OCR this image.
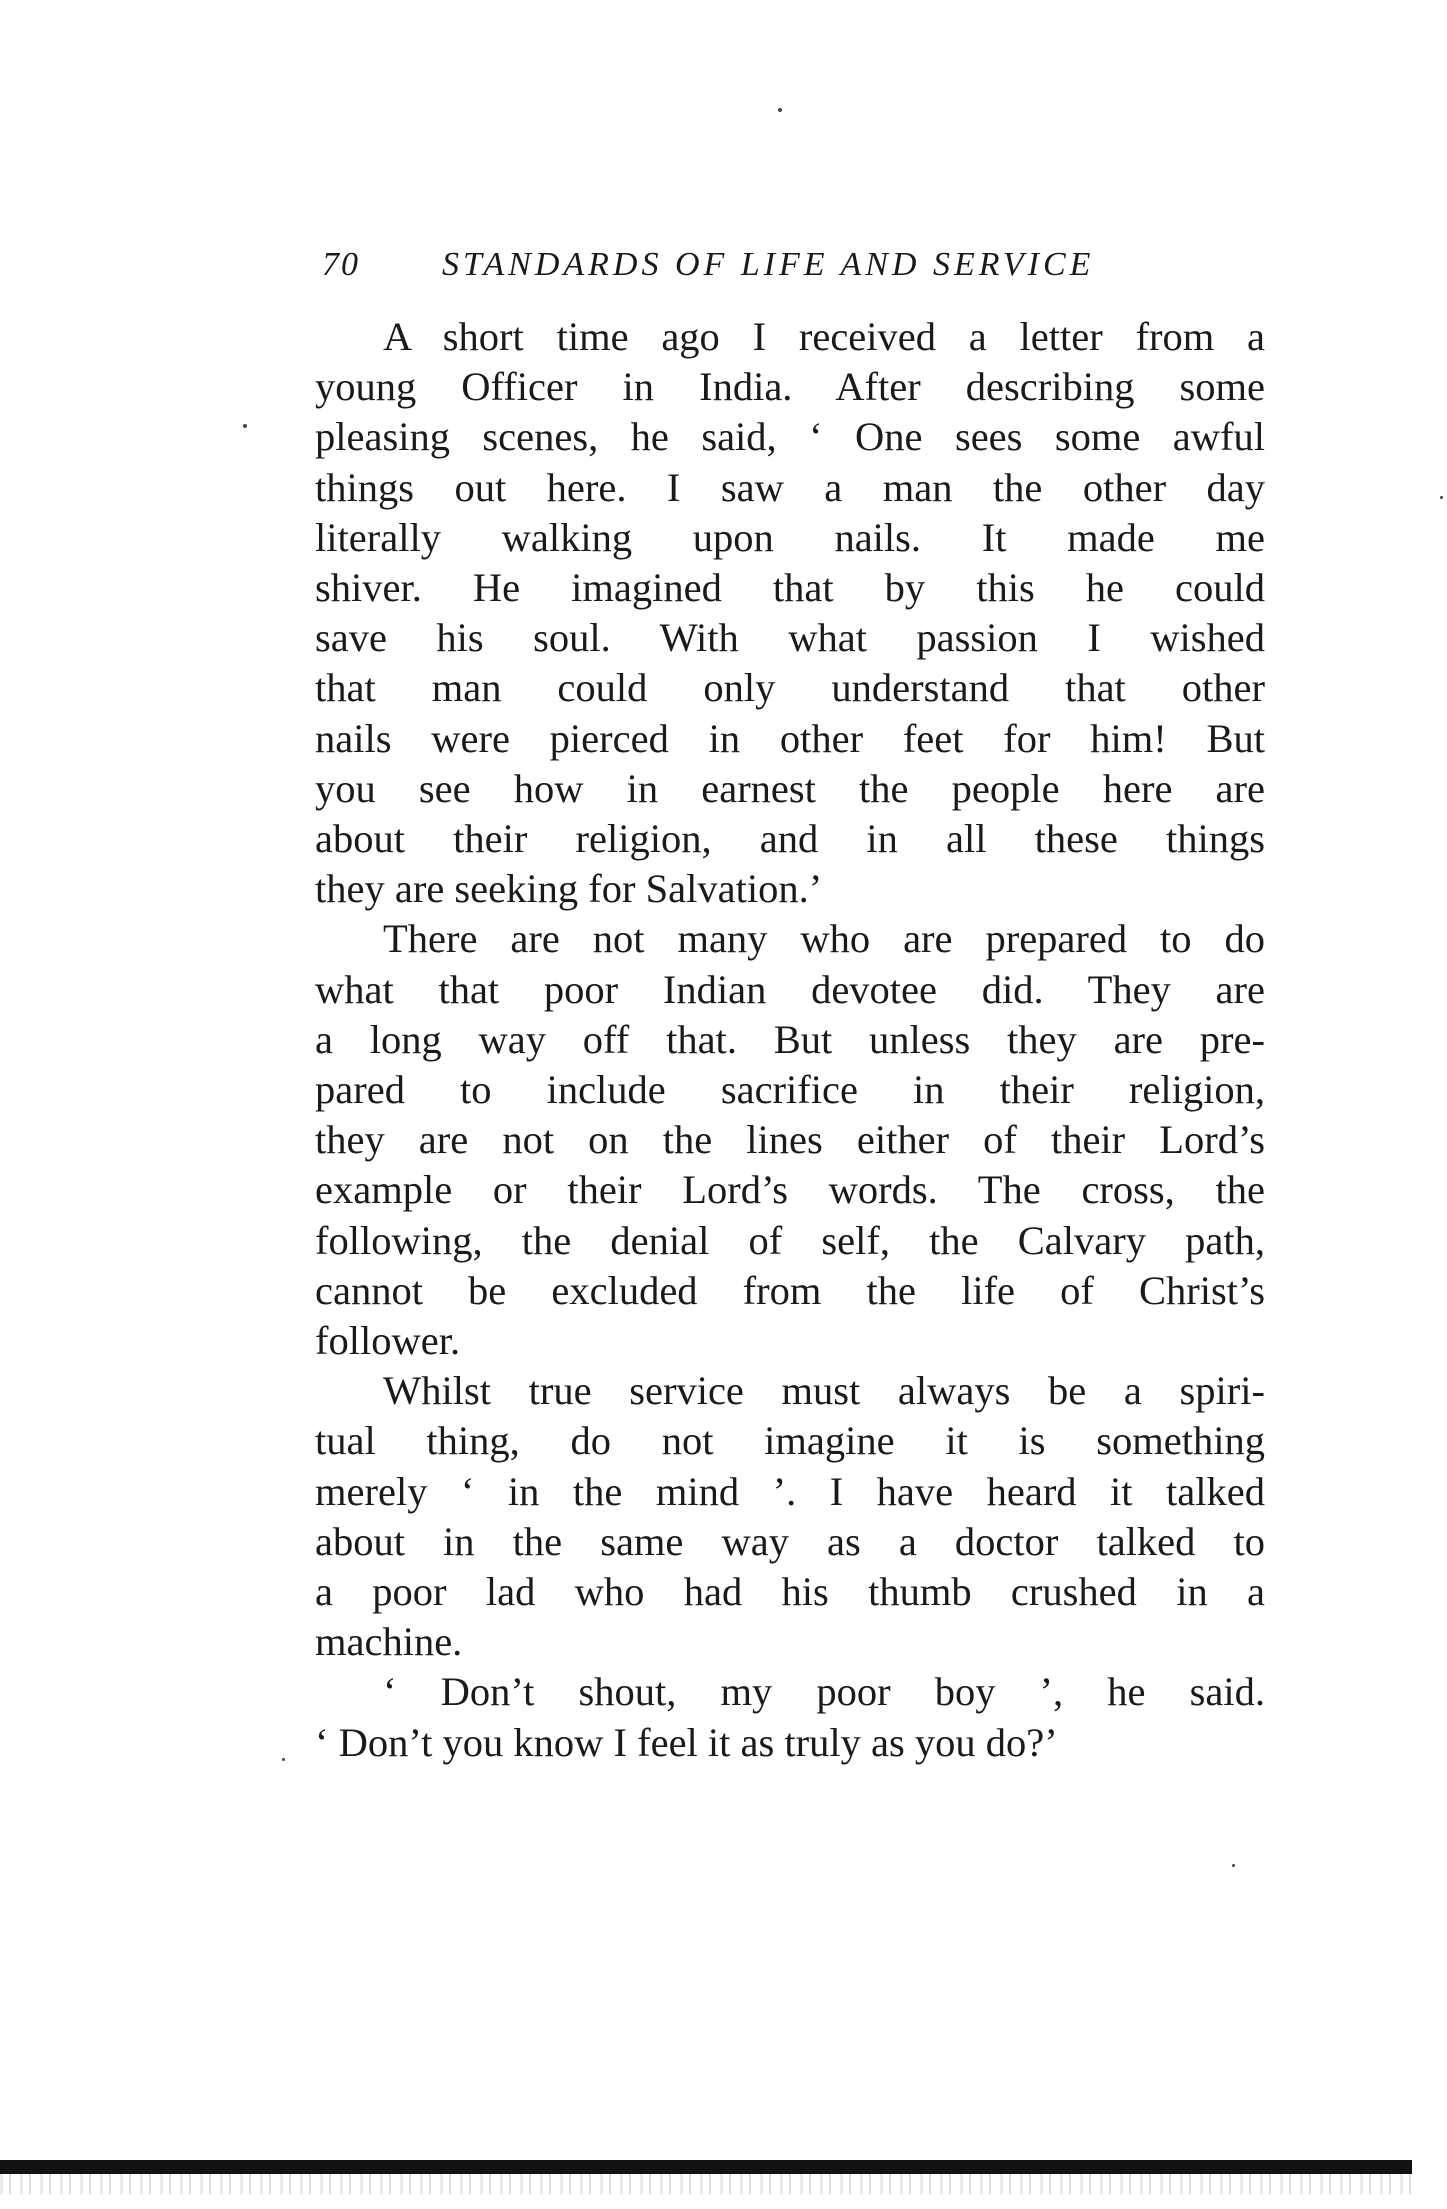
70 STANDARDS OF LIFE AND SERVICE
A short time ago I received a letter from a
young Officer in India. After describing some
pleasing scenes, he said, ‘ One sees some awful
things out here. I saw a man the other day
literally walking upon nails. It made me
shiver. He imagined that by this he could
save his soul. With what passion I wished
that man could only understand that other
nails were pierced in other feet for him! But
you see how in earnest the people here are
about their religion, and in all these things
they are seeking for Salvation.’
There are not many who are prepared to do
what that poor Indian devotee did. They are
a long way off that. But unless they are pre-
pared to include sacrifice in their religion,
they are not on the lines either of their Lord’s
example or their Lord’s words. The cross, the
following, the denial of self, the Calvary path,
cannot be excluded from the life of Christ’s
follower.
Whilst true service must always be a spiri-
tual thing, do not imagine it is something
merely ‘ in the mind ’. I have heard it talked
about in the same way as a doctor talked to
a poor lad who had his thumb crushed in a
machine.
‘ Don’t shout, my poor boy ’, he said.
‘ Don’t you know I feel it as truly as you do?’
